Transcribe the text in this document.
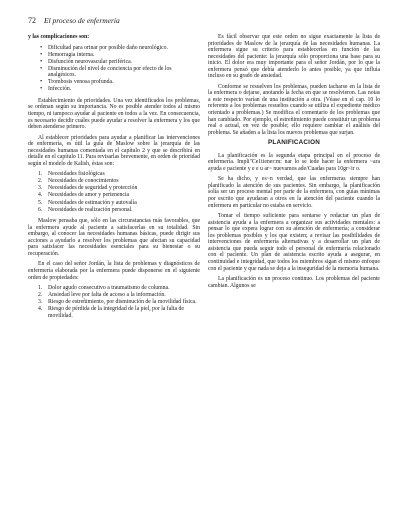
72 El proceso de enfermería

y las complicaciones son:

• Dificultad para orinar por posible daño neurológico.
• Hemorragia interna.
• Disfunción neurovascular periférica.
• Disminución del nivel de conciencia por efecto de los analgésicos.
• Trombosis venosa profunda.
• Infección.

Establecimiento de prioridades. Una vez identificados los problemas, se ordenan según su importancia. No es posible atender todos al mismo tiempo, ni tampoco ayudar al paciente en todos a la vez. En consecuencia, es necesario decidir cuáles puede ayudar a resolver la enfermera y los que deben atenderse primero.

Al establecer prioridades para ayudar a planificar las intervenciones de enfermería, es útil la guía de Maslow sobre la jerarquía de las necesidades humanas comentada en el capítulo 2 y que se describirá en detalle en el capítulo 11. Para revisarlas brevemente, en orden de prioridad según el modelo de Kalish, éstas son:

1. Necesidades fisiológicas
2. Necesidades de conocimientos
3. Necesidades de seguridad y protección
4. Necesidades de amor y pertenencia
5. Necesidades de estimación y autovalía
6. Necesidades de realización personal.

Maslow pensaba que, sólo en las circunstancias más favorables, que la enfermera ayude al paciente a satisfacerlas en su totalidad. Sin embargo, al conocer las necesidades humanas básicas, puede dirigir sus acciones a ayudarlo a resolver los problemas que afectan su capacidad para satisfacer las necesidades esenciales para su bienestar o su recuperación.

En el caso del señor Jordán, la lista de problemas y diagnósticos de enfermería elaborada por la enfermera puede disponerse en el siguiente orden de propiedades:

1. Dolor agudo consecutivo a traumatismo de columna.
2. Ansiedad leve por falta de acceso a la información.
3. Riesgo de estreñimiento, por disminución de la movilidad física.
4. Riesgo de pérdida de la integridad de la piel, por la falta de movilidad.

Es fácil observar que este orden no sigue exactamente la lista de prioridades de Maslow de la jerarquía de las necesidades humanas. La enfermera sigue su criterio para establecerlas en función de las necesidades del paciente: la jerarquía sólo proporciona una base para su inicio. El dolor era muy importante para el señor Jordán, por lo que la enfermera pensó que debía atenderlo lo antes posible, ya que influía incluso en su grado de ansiedad.

Conforme se resuelven los problemas, pueden tacharse en la lista de la enfermera o dejarse, anotando la fecha en que se resolvieron. Las notas a este respecto varían de una institución a otra. (Véase en el cap. 10 lo referente a los problemas resueltos cuando se utiliza el expediente médico orientado a problemas.) Se modifica el comentario de los problemas que han cambiado. Por ejemplo, el estreñimiento puede constituir un problema real o actual, en vez de posible; ello requiere cambiar el análisis del problema. Se añaden a la lista los nuevos problemas que surjan.

PLANIFICACION

La planificación es la segunda etapa principal en el proceso de enfermería. Impli"Ce1tiener:m: nar lo se iede hacer la enfermera ~ara ayuda e paciente y e e u ar~ nuevamos ade/Cuadas para 10gr<ir o.

Se ha dicho, y es~n verdad, que las enfermeras siempre han planificado la atención de sus pacientes. Sin embargo, la planificación solía ser un proceso mental por parte de la enfermera, con guías mínimas por escrito que ayudaran a otros en la atención del paciente cuando la enfermera en particular no estaba en servicio.

Tomar el tiempo suficiente para sentarse y redactar un plan de asistencia ayuda a la enfermera a organizar sus actividades mentales: a pensar lo que expera lograr con su atención de enfermería; a considerar los problemas posibles y los que existen; a revisar las posibilidades de intervenciones de enfermería alternativas y a desarrollar un plan de asistencia que pueda seguir todo el personal de enfermería relacionado con el paciente. Un plan de asistencia escrito ayuda a asegurar, en continuidad e integridad, que todos los miembros sigan el mismo enfoque con el paciente y que nada se deja a la inseguridad de la memoria humana.

La planificación es un proceso continuo. Los problemas del paciente cambian. Algunos se
